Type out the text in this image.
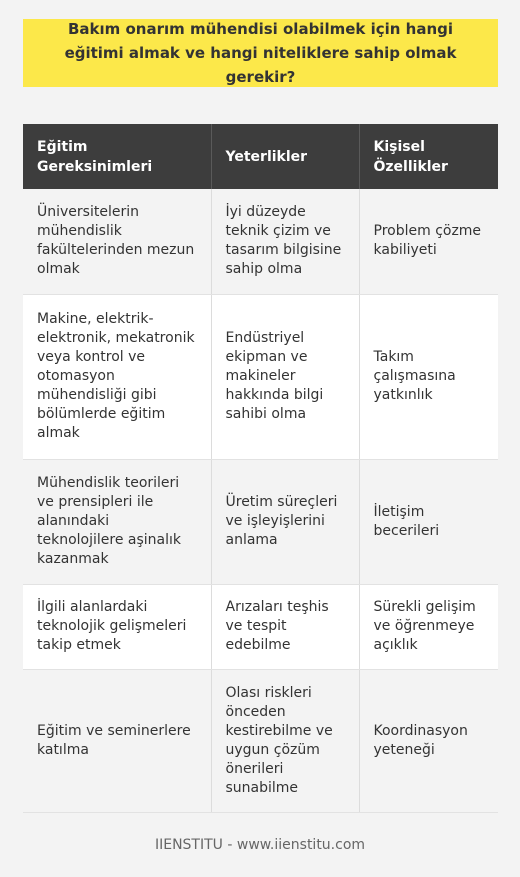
Bakım onarım mühendisi olabilmek için hangi eğitimi almak ve hangi niteliklere sahip olmak gerekir?
Eğitim Gereksinimleri	Yeterlikler	Kişisel Özellikler
Üniversitelerin mühendislik fakültelerinden mezun olmak	İyi düzeyde teknik çizim ve tasarım bilgisine sahip olma	Problem çözme kabiliyeti
Makine, elektrik-elektronik, mekatronik veya kontrol ve otomasyon mühendisliği gibi bölümlerde eğitim almak	Endüstriyel ekipman ve makineler hakkında bilgi sahibi olma	Takım çalışmasına yatkınlık
Mühendislik teorileri ve prensipleri ile alanındaki teknolojilere aşinalık kazanmak	Üretim süreçleri ve işleyişlerini anlama	İletişim becerileri
İlgili alanlardaki teknolojik gelişmeleri takip etmek	Arızaları teşhis ve tespit edebilme	Sürekli gelişim ve öğrenmeye açıklık
Eğitim ve seminerlere katılma	Olası riskleri önceden kestirebilme ve uygun çözüm önerileri sunabilme	Koordinasyon yeteneği
IIENSTITU - www.iienstitu.com
